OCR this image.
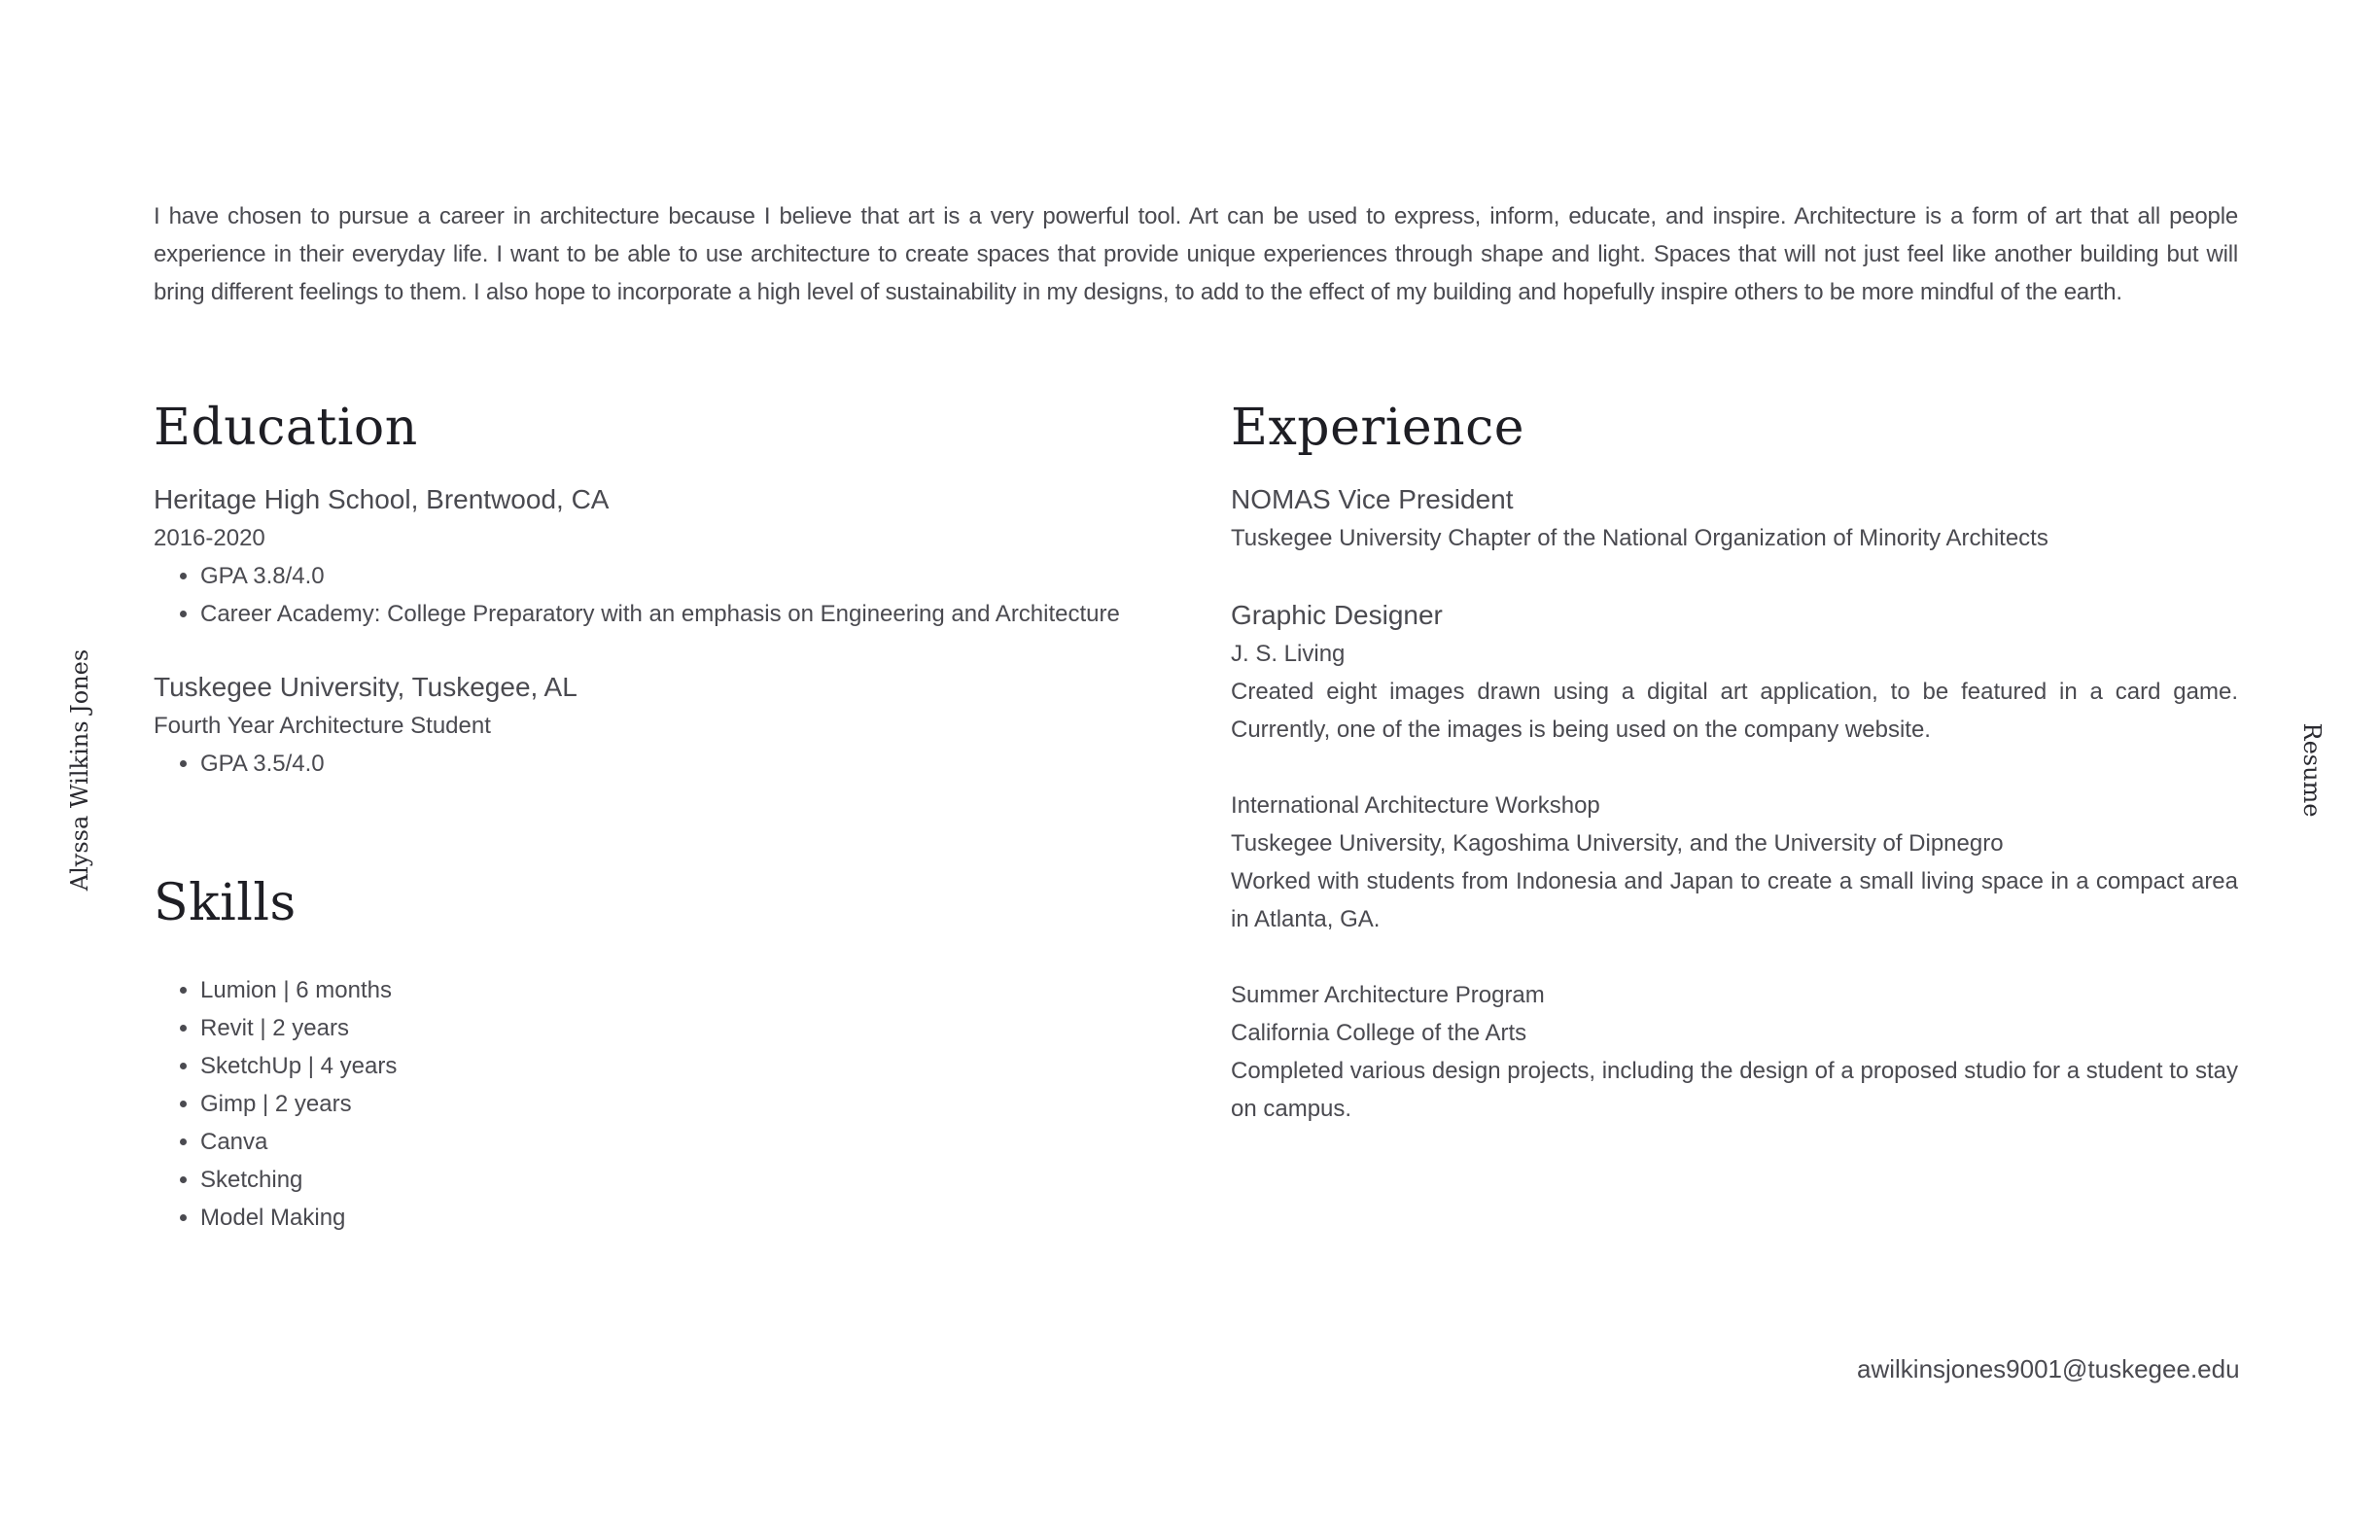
Alyssa Wilkins Jones	Resume

I have chosen to pursue a career in architecture because I believe that art is a very powerful tool. Art can be used to express, inform, educate, and inspire. Architecture is a form of art that all people experience in their everyday life. I want to be able to use architecture to create spaces that provide unique experiences through shape and light. Spaces that will not just feel like another building but will bring different feelings to them. I also hope to incorporate a high level of sustainability in my designs, to add to the effect of my building and hopefully inspire others to be more mindful of the earth.

Education

Heritage High School, Brentwood, CA

2016-2020

• GPA 3.8/4.0
• Career Academy: College Preparatory with an emphasis on Engineering and Architecture

Tuskegee University, Tuskegee, AL

Fourth Year Architecture Student

• GPA 3.5/4.0
Skills
• Lumion | 6 months
• Revit | 2 years
• SketchUp | 4 years
• Gimp | 2 years
• Canva
• Sketching
• Model Making
Experience

NOMAS Vice President

Tuskegee University Chapter of the National Organization of Minority Architects

Graphic Designer

J. S. Living

Created eight images drawn using a digital art application, to be featured in a card game. Currently, one of the images is being used on the company website.

International Architecture Workshop

Tuskegee University, Kagoshima University, and the University of Dipnegro

Worked with students from Indonesia and Japan to create a small living space in a compact area in Atlanta, GA.

Summer Architecture Program

California College of the Arts

Completed various design projects, including the design of a proposed studio for a student to stay on campus.

awilkinsjones9001@tuskegee.edu
